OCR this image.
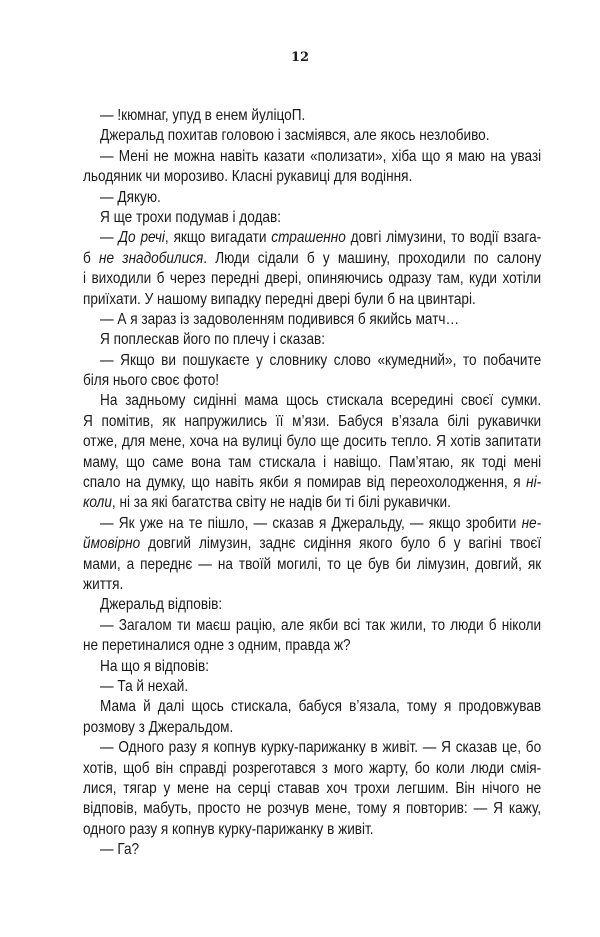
12
— !кюмнаг, упуд в енем йуліцоП.
Джеральд похитав головою і засміявся, але якось незлобиво.
— Мені не можна навіть казати «полизати», хіба що я маю на увазі
льодяник чи морозиво. Класні рукавиці для водіння.
— Дякую.
Я ще трохи подумав і додав:
— До речі, якщо вигадати страшенно довгі лімузини, то водії взага-
б не знадобилися. Люди сідали б у машину, проходили по салону
і виходили б через передні двері, опиняючись одразу там, куди хотіли
приїхати. У нашому випадку передні двері були б на цвинтарі.
— А я зараз із задоволенням подивився б якийсь матч…
Я поплескав його по плечу і сказав:
— Якщо ви пошукаєте у словнику слово «кумедний», то побачите
біля нього своє фото!
На задньому сидінні мама щось стискала всередині своєї сумки.
Я помітив, як напружились її м’язи. Бабуся в’язала білі рукавички
отже, для мене, хоча на вулиці було ще досить тепло. Я хотів запитати
маму, що саме вона там стискала і навіщо. Пам’ятаю, як тоді мені
спало на думку, що навіть якби я помирав від переохолодження, я ні-
коли, ні за які багатства світу не надів би ті білі рукавички.
— Як уже на те пішло, — сказав я Джеральду, — якщо зробити не-
ймовірно довгий лімузин, заднє сидіння якого було б у вагіні твоєї
мами, а переднє — на твоїй могилі, то це був би лімузин, довгий, як
життя.
Джеральд відповів:
— Загалом ти маєш рацію, але якби всі так жили, то люди б ніколи
не перетиналися одне з одним, правда ж?
На що я відповів:
— Та й нехай.
Мама й далі щось стискала, бабуся в’язала, тому я продовжував
розмову з Джеральдом.
— Одного разу я копнув курку-парижанку в живіт. — Я сказав це, бо
хотів, щоб він справді розреготався з мого жарту, бо коли люди смія-
лися, тягар у мене на серці ставав хоч трохи легшим. Він нічого не
відповів, мабуть, просто не розчув мене, тому я повторив: — Я кажу,
одного разу я копнув курку-парижанку в живіт.
— Га?
